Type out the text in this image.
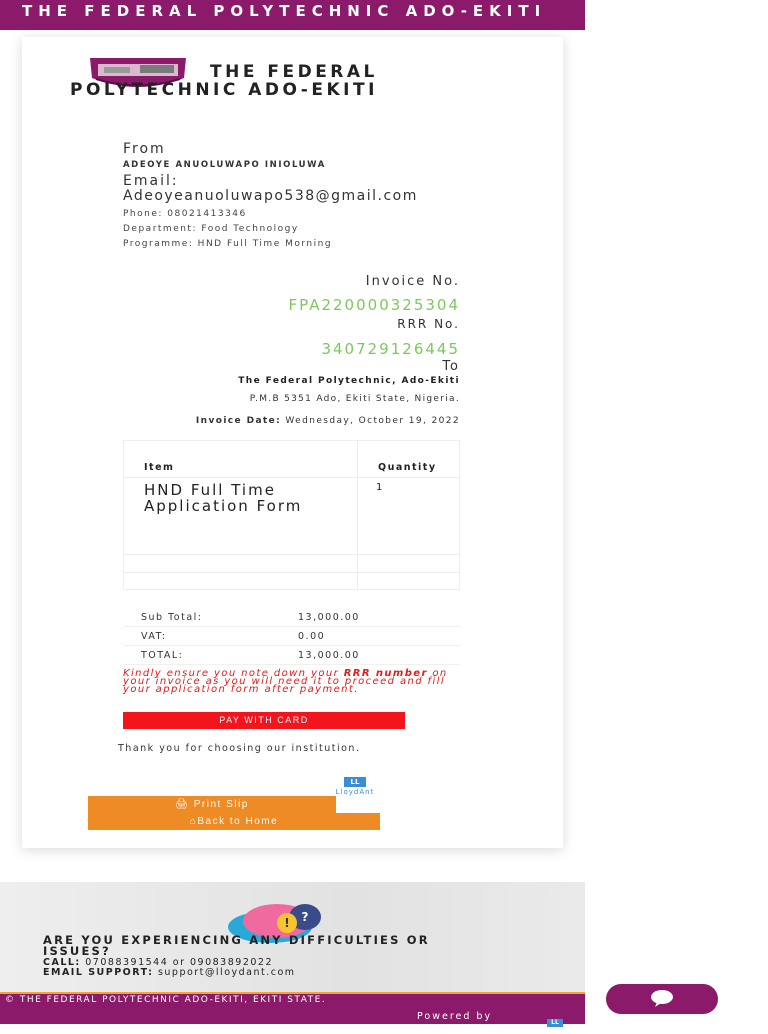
THE FEDERAL POLYTECHNIC ADO-EKITI
THE FEDERAL
POLYTECHNIC ADO-EKITI
From
ADEOYE ANUOLUWAPO INIOLUWA
Email:
Adeoyeanuoluwapo538@gmail.com
Phone: 08021413346
Department: Food Technology
Programme: HND Full Time Morning
Invoice No.
FPA220000325304
RRR No.
340729126445
To
The Federal Polytechnic, Ado-Ekiti
P.M.B 5351 Ado, Ekiti State, Nigeria.
Invoice Date: Wednesday, October 19, 2022
Item	Quantity
HND Full Time Application Form	1

Sub Total:	13,000.00
VAT:	0.00
TOTAL:	13,000.00
Kindly ensure you note down your RRR number on your invoice as you will need it to proceed and fill your application form after payment.
PAY WITH CARD
Thank you for choosing our institution.
LL
LloydAnt
🖨 Print Slip
⌂Back to Home
! ?
ARE YOU EXPERIENCING ANY DIFFICULTIES OR ISSUES?
CALL: 07088391544 or 09083892022
EMAIL SUPPORT: support@lloydant.com
© THE FEDERAL POLYTECHNIC ADO-EKITI, EKITI STATE.
Powered by
LL
LloydAnt
